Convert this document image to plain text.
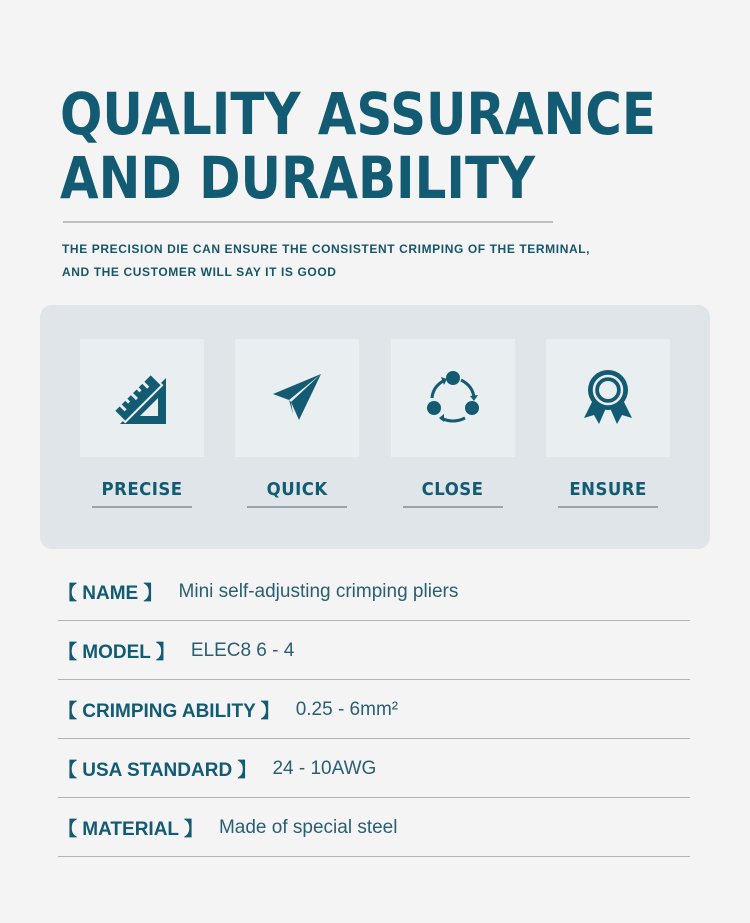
QUALITY ASSURANCE
AND DURABILITY
THE PRECISION DIE CAN ENSURE THE CONSISTENT CRIMPING OF THE TERMINAL,
AND THE CUSTOMER WILL SAY IT IS GOOD
PRECISE	QUICK	CLOSE	ENSURE
【 NAME 】 Mini self-adjusting crimping pliers
【 MODEL 】 ELEC8 6 - 4
【 CRIMPING ABILITY 】 0.25 - 6mm²
【 USA STANDARD 】 24 - 10AWG
【 MATERIAL 】 Made of special steel
